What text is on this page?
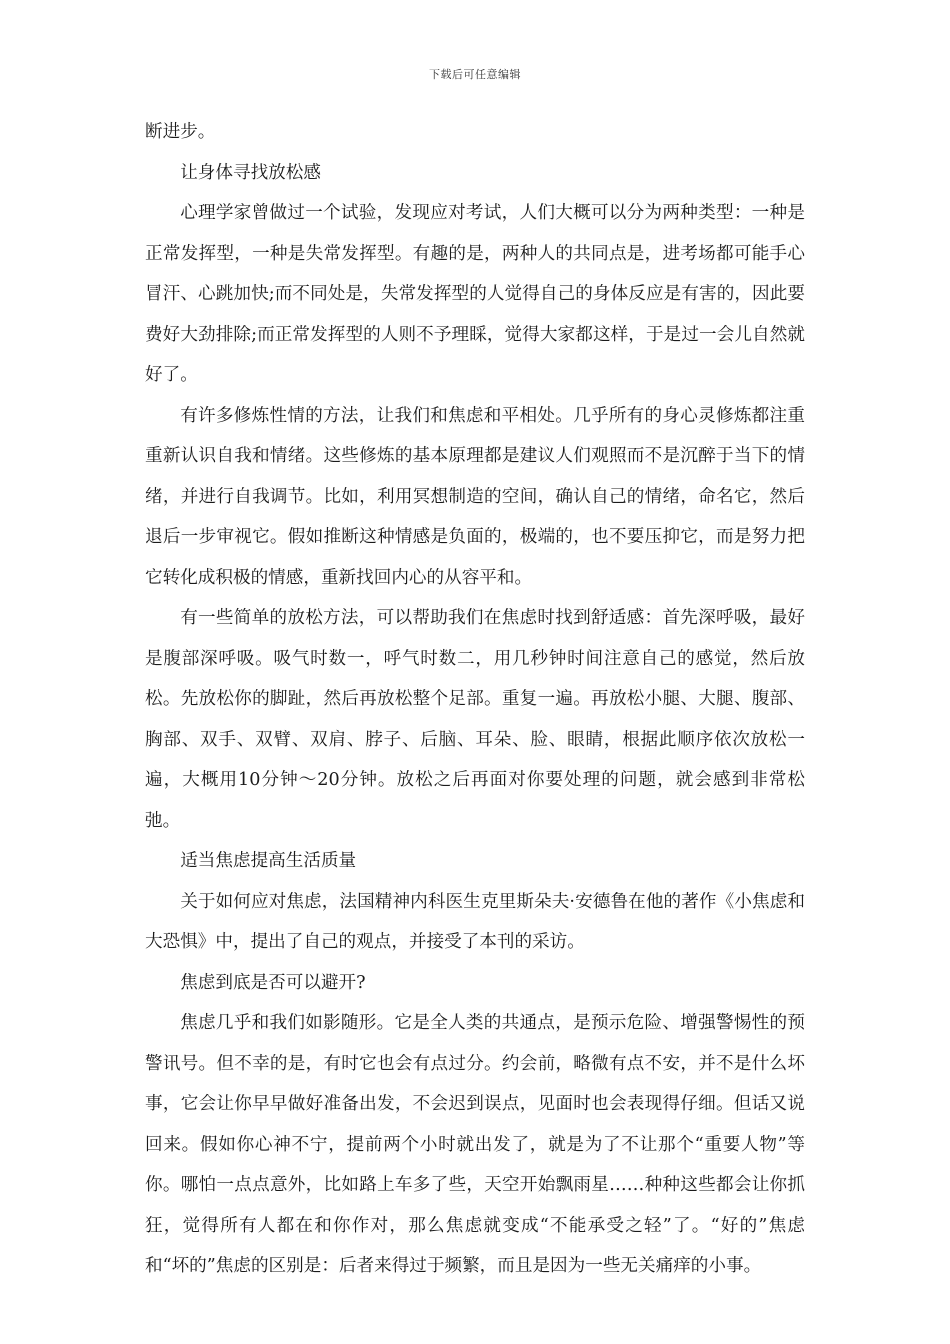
下载后可任意编辑

断进步。

让身体寻找放松感

心理学家曾做过一个试验，发现应对考试，人们大概可以分为两种类型：一种是正常发挥型，一种是失常发挥型。有趣的是，两种人的共同点是，进考场都可能手心冒汗、心跳加快;而不同处是，失常发挥型的人觉得自己的身体反应是有害的，因此要费好大劲排除;而正常发挥型的人则不予理睬，觉得大家都这样，于是过一会儿自然就好了。

有许多修炼性情的方法，让我们和焦虑和平相处。几乎所有的身心灵修炼都注重重新认识自我和情绪。这些修炼的基本原理都是建议人们观照而不是沉醉于当下的情绪，并进行自我调节。比如，利用冥想制造的空间，确认自己的情绪，命名它，然后退后一步审视它。假如推断这种情感是负面的，极端的，也不要压抑它，而是努力把它转化成积极的情感，重新找回内心的从容平和。

有一些简单的放松方法，可以帮助我们在焦虑时找到舒适感：首先深呼吸，最好是腹部深呼吸。吸气时数一，呼气时数二，用几秒钟时间注意自己的感觉，然后放松。先放松你的脚趾，然后再放松整个足部。重复一遍。再放松小腿、大腿、腹部、胸部、双手、双臂、双肩、脖子、后脑、耳朵、脸、眼睛，根据此顺序依次放松一遍，大概用10分钟～20分钟。放松之后再面对你要处理的问题，就会感到非常松弛。

适当焦虑提高生活质量

关于如何应对焦虑，法国精神内科医生克里斯朵夫·安德鲁在他的著作《小焦虑和大恐惧》中，提出了自己的观点，并接受了本刊的采访。

焦虑到底是否可以避开?

焦虑几乎和我们如影随形。它是全人类的共通点，是预示危险、增强警惕性的预警讯号。但不幸的是，有时它也会有点过分。约会前，略微有点不安，并不是什么坏事，它会让你早早做好准备出发，不会迟到误点，见面时也会表现得仔细。但话又说回来。假如你心神不宁，提前两个小时就出发了，就是为了不让那个“重要人物”等你。哪怕一点点意外，比如路上车多了些，天空开始飘雨星……种种这些都会让你抓狂，觉得所有人都在和你作对，那么焦虑就变成“不能承受之轻”了。“好的”焦虑和“坏的”焦虑的区别是：后者来得过于频繁，而且是因为一些无关痛痒的小事。
